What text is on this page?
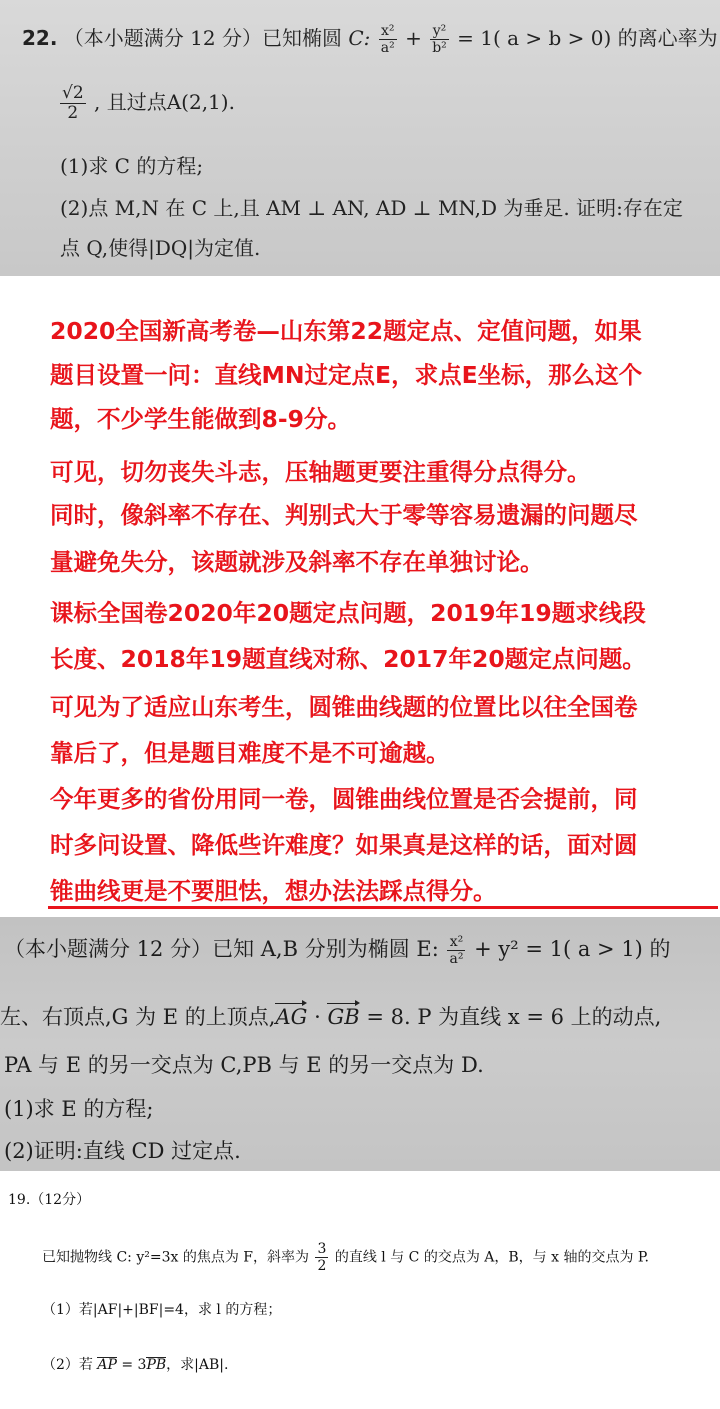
22. （本小题满分 12 分）已知椭圆 C: $\frac{\text{x²}}{\text{a²}} + \frac{\text{y²}}{\text{b²}} = 1$( a > b > 0) 的离心率为
$\frac{√2}{2}$ , 且过点A(2,1).
(1)求 C 的方程;
(2)点 M,N 在 C 上,且 AM ⊥ AN, AD ⊥ MN,D 为垂足. 证明:存在定
点 Q,使得|DQ|为定值.
2020全国新高考卷—山东第22题定点、定值问题，如果
题目设置一问：直线MN过定点E，求点E坐标，那么这个
题，不少学生能做到8-9分。
可见，切勿丧失斗志，压轴题更要注重得分点得分。
同时，像斜率不存在、判别式大于零等容易遗漏的问题尽
量避免失分，该题就涉及斜率不存在单独讨论。
课标全国卷2020年20题定点问题，2019年19题求线段
长度、2018年19题直线对称、2017年20题定点问题。
可见为了适应山东考生，圆锥曲线题的位置比以往全国卷
靠后了，但是题目难度不是不可逾越。
今年更多的省份用同一卷，圆锥曲线位置是否会提前，同
时多问设置、降低些许难度？如果真是这样的话，面对圆
锥曲线更是不要胆怯，想办法法踩点得分。
（本小题满分 12 分）已知 A,B 分别为椭圆 E: $\frac{\text{x²}}{\text{a²}} + y^2 = 1$( a > 1) 的
左、右顶点,G 为 E 的上顶点,AG · GB = 8. P 为直线 x = 6 上的动点,
PA 与 E 的另一交点为 C,PB 与 E 的另一交点为 D.
(1)求 E 的方程;
(2)证明:直线 CD 过定点.
19.（12分）
已知抛物线 C: y²=3x 的焦点为 F，斜率为 $\frac{3}{2}$ 的直线 l 与 C 的交点为 A，B，与 x 轴的交点为 P.
（1）若|AF|+|BF|=4，求 l 的方程；
（2）若 AP = 3PB，求|AB|.
